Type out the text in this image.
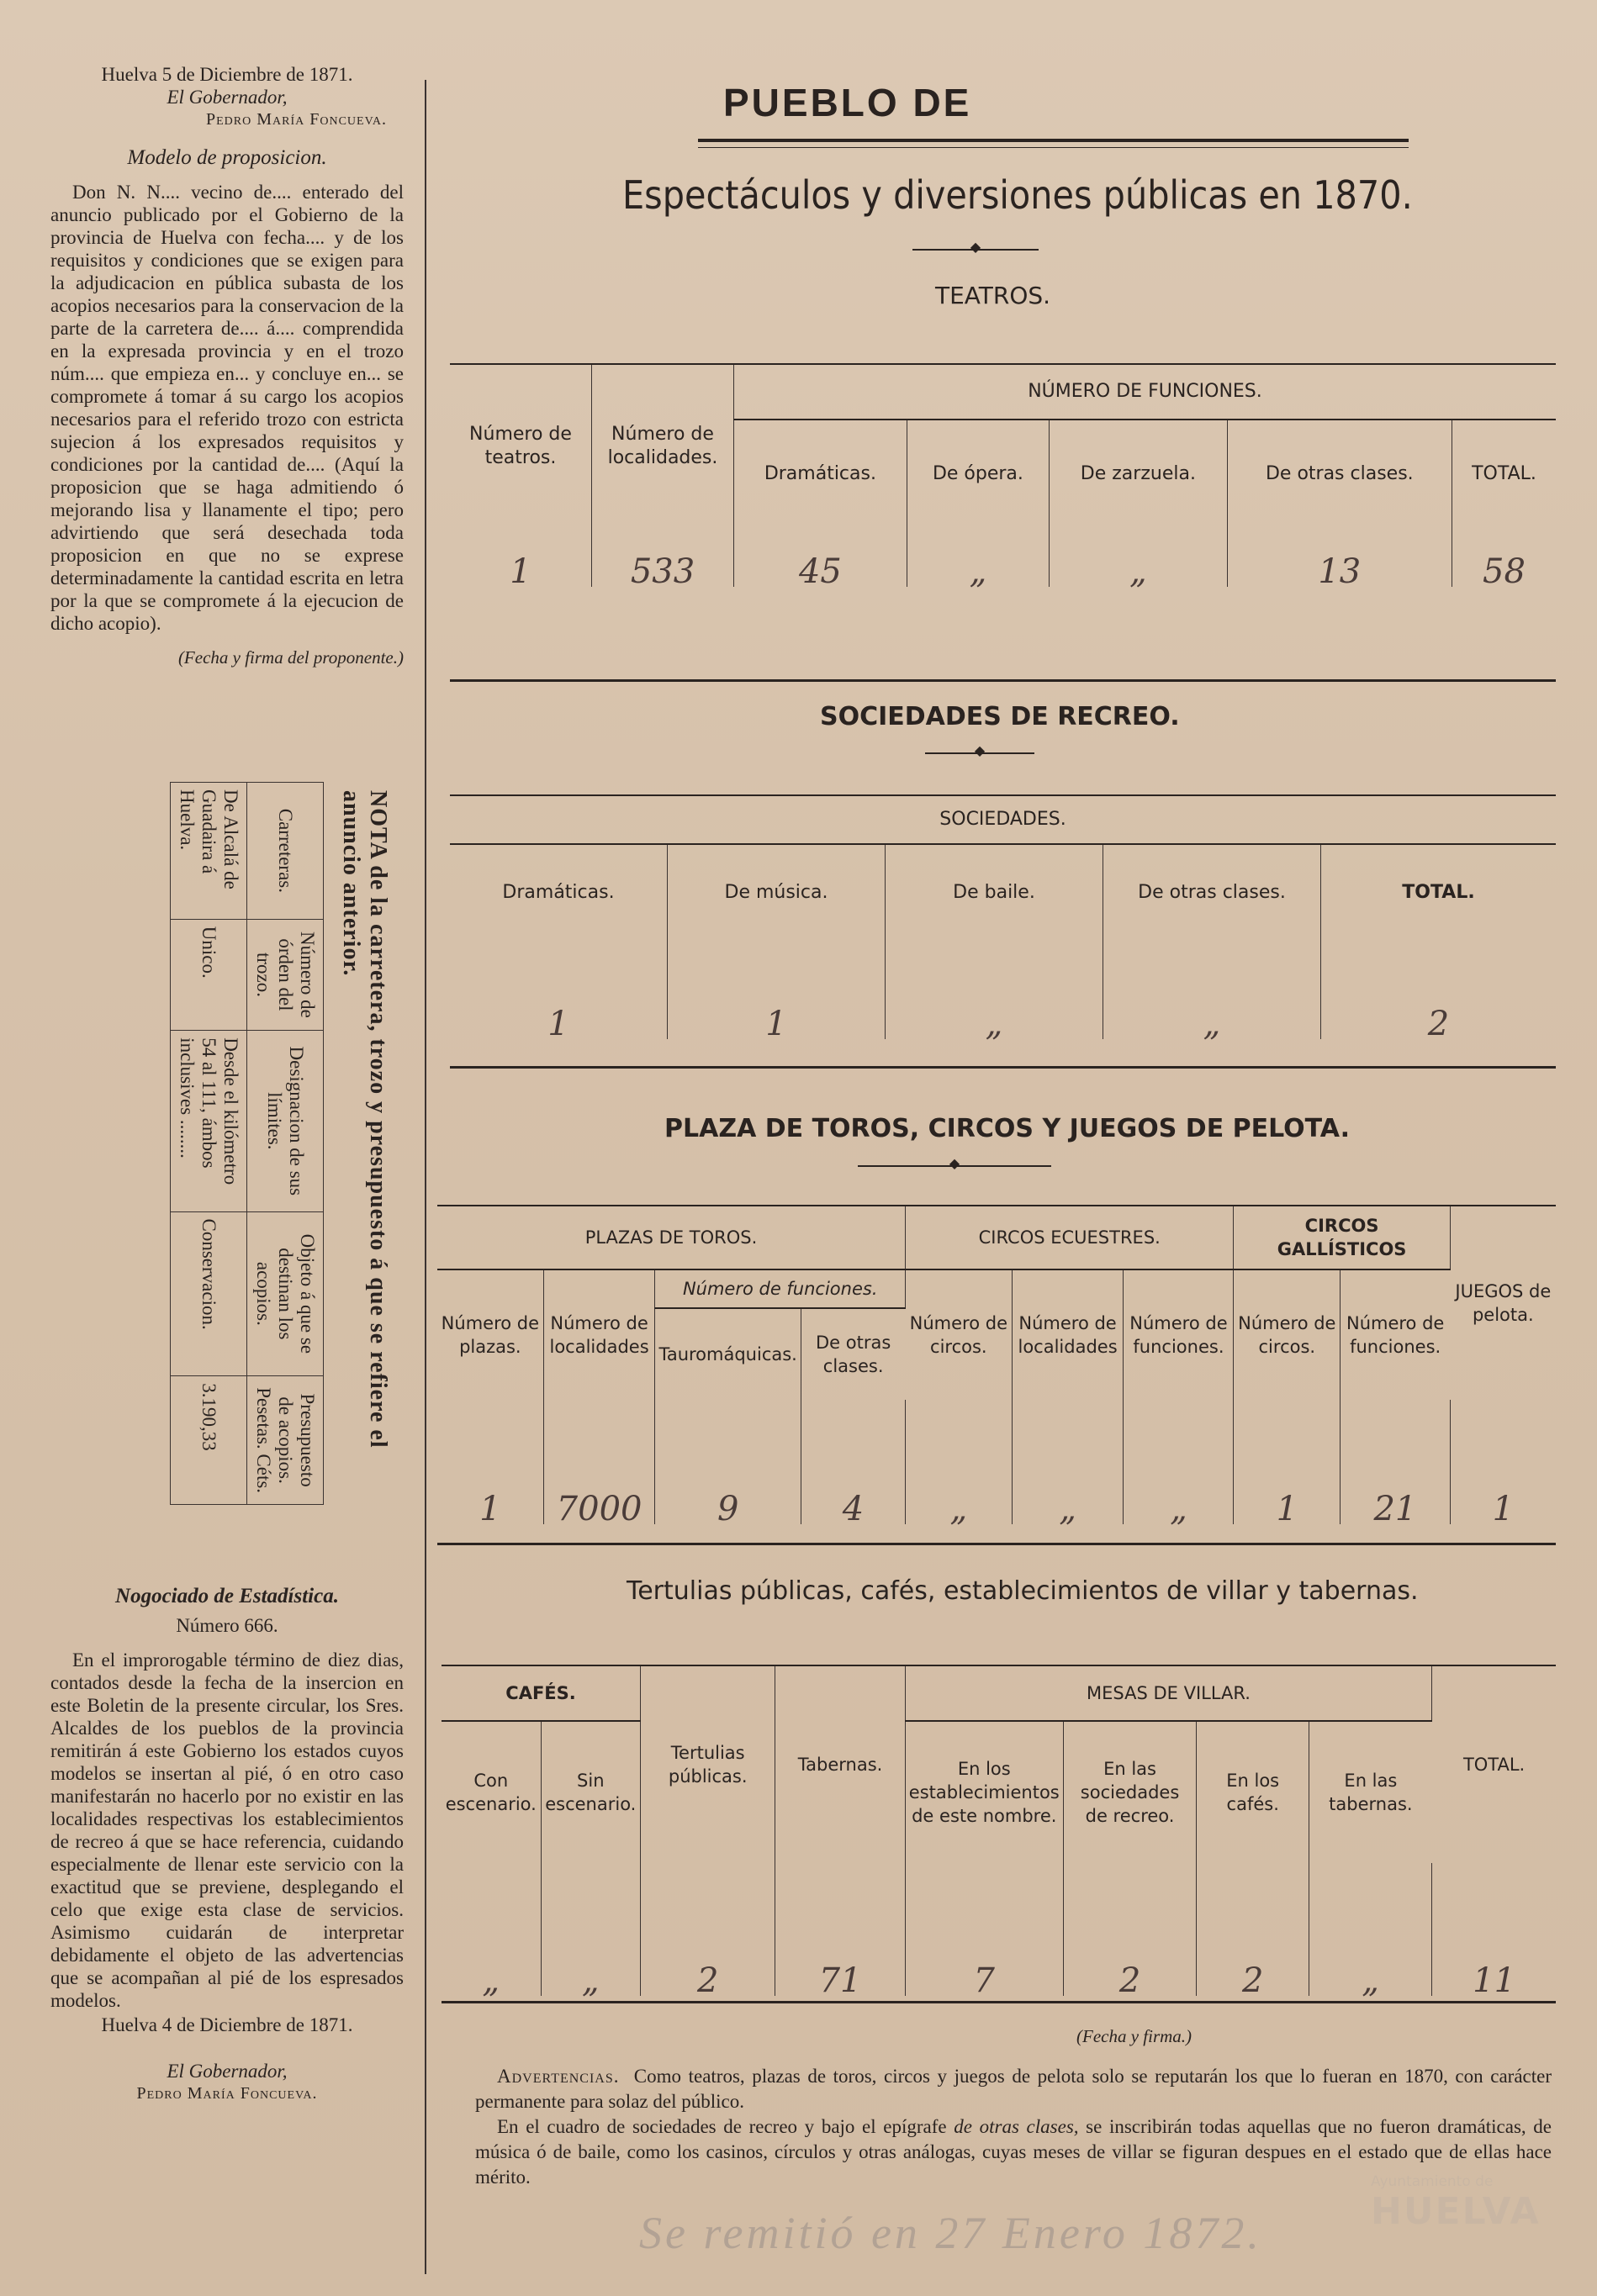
Huelva 5 de Diciembre de 1871.
El Gobernador,
Pedro María Foncueva.
Modelo de proposicion.
Don N. N.... vecino de.... enterado del anuncio publicado por el Gobierno de la provincia de Huelva con fecha.... y de los requisitos y condiciones que se exigen para la adjudicacion en pública subasta de los acopios necesarios para la conservacion de la parte de la carretera de.... á.... comprendida en la expresada provincia y en el trozo núm.... que empieza en... y concluye en... se compromete á tomar á su cargo los acopios necesarios para el referido trozo con estricta sujecion á los expresados requisitos y condiciones por la cantidad de.... (Aquí la proposicion que se haga admitiendo ó mejorando lisa y llanamente el tipo; pero advirtiendo que será desechada toda proposicion en que no se exprese determinadamente la cantidad escrita en letra por la que se compromete á la ejecucion de dicho acopio).
(Fecha y firma del proponente.)
NOTA de la carretera, trozo y presupuesto á que se refiere el anuncio anterior.
Carreteras.	Número de órden del trozo.	Designacion de sus límites.	Objeto á que se destinan los acopios.	Presupuesto de acopios.
Pesetas. Céts.
De Alcalá de Guadaira á Huelva.	Unico.	Desde el kilómetro 54 al 111, ámbos inclusives ........	Conservacion.	3.190,33
Nogociado de Estadística.
Número 666.
En el improrogable término de diez dias, contados desde la fecha de la insercion en este Boletin de la presente circular, los Sres. Alcaldes de los pueblos de la provincia remitirán á este Gobierno los estados cuyos modelos se insertan al pié, ó en otro caso manifestarán no hacerlo por no existir en las localidades respectivas los establecimientos de recreo á que se hace referencia, cuidando especialmente de llenar este servicio con la exactitud que se previene, desplegando el celo que exige esta clase de servicios. Asimismo cuidarán de interpretar debidamente el objeto de las advertencias que se acompañan al pié de los espresados modelos.
Huelva 4 de Diciembre de 1871.
El Gobernador,
Pedro María Foncueva.
PUEBLO DE
Espectáculos y diversiones públicas en 1870.
◆
TEATROS.
Número de teatros.	Número de localidades.	NÚMERO DE FUNCIONES.				
		Dramáticas.	De ópera.	De zarzuela.	De otras clases.	TOTAL.
1	533	45	„	„	13	58
SOCIEDADES DE RECREO.
◆
SOCIEDADES.				
Dramáticas.	De música.	De baile.	De otras clases.	TOTAL.
1	1	„	„	2
PLAZA DE TOROS, CIRCOS Y JUEGOS DE PELOTA.
◆
PLAZAS DE TOROS.				CIRCOS ECUESTRES.			CIRCOS GALLÍSTICOS		JUEGOS de pelota.
Número de plazas.	Número de localidades	Número de funciones.		Número de circos.	Número de localidades	Número de funciones.	Número de circos.	Número de funciones.	
		Tauromáquicas.	De otras clases.						
1	7000	9	4	„	„	„	1	21	1
Tertulias públicas, cafés, establecimientos de villar y tabernas.
CAFÉS.		Tertulias públicas.	Tabernas.	MESAS DE VILLAR.				TOTAL.
Con escenario.	Sin escenario.			En los establecimientos de este nombre.	En las sociedades de recreo.	En los cafés.	En las tabernas.	
„	„	2	71	7	2	2	„	11
(Fecha y firma.)
Advertencias. Como teatros, plazas de toros, circos y juegos de pelota solo se reputarán los que lo fueran en 1870, con carácter permanente para solaz del público.
En el cuadro de sociedades de recreo y bajo el epígrafe de otras clases, se inscribirán todas aquellas que no fueron dramáticas, de música ó de baile, como los casinos, círculos y otras análogas, cuyas meses de villar se figuran despues en el estado que de ellas hace mérito.
Se remitió en 27 Enero 1872.
Ayuntamiento de
HUELVA
